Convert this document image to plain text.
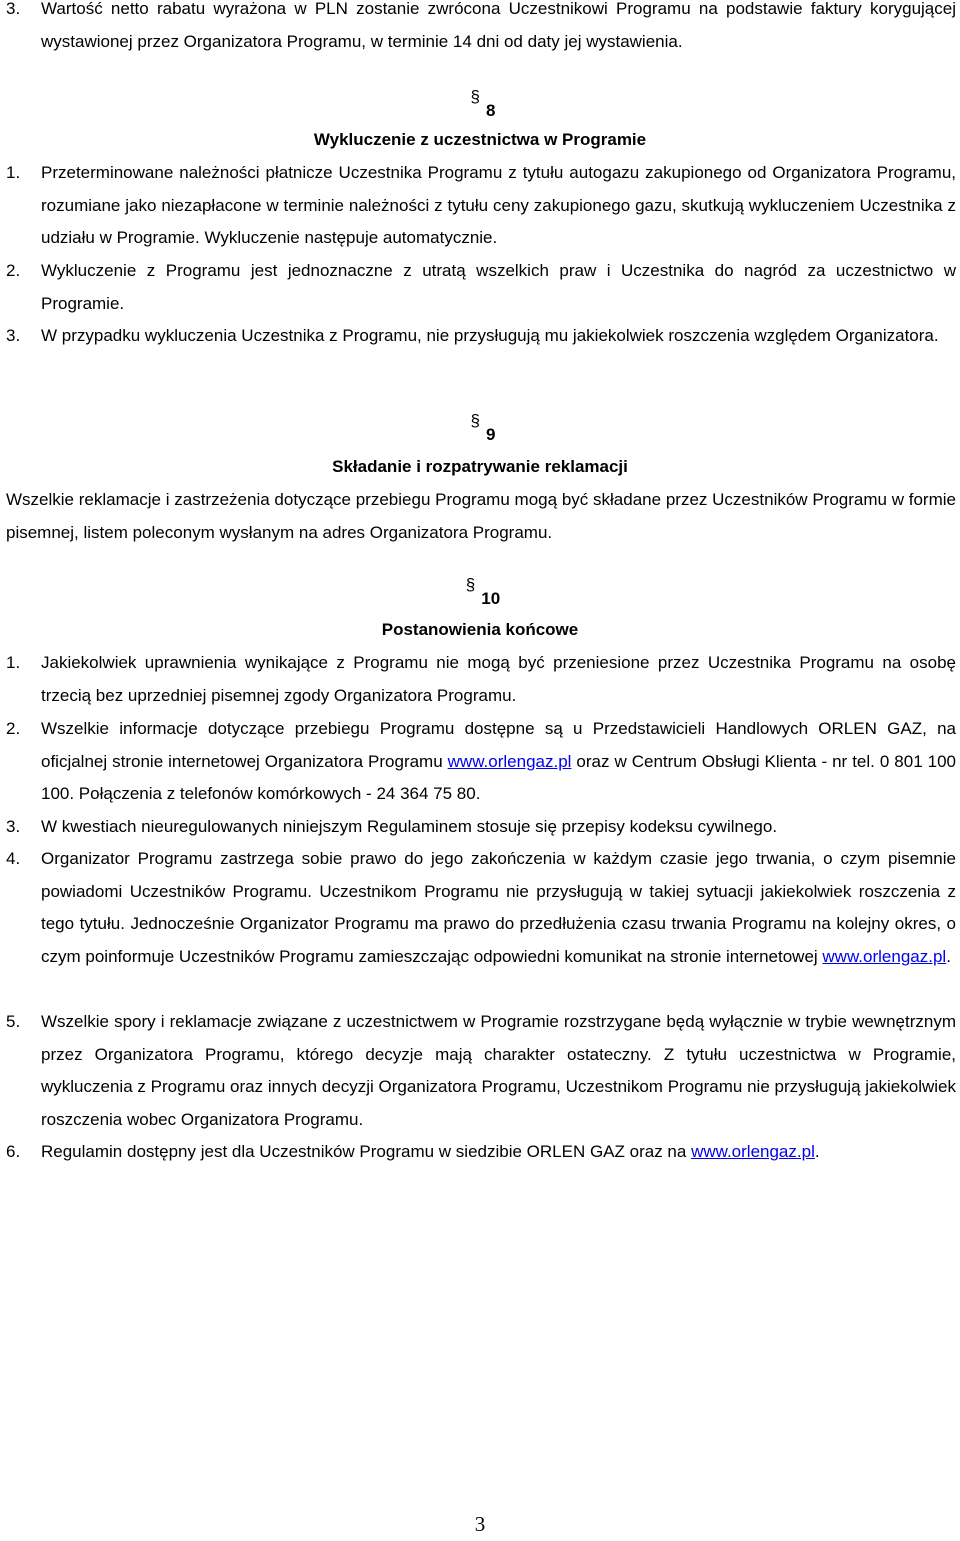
3. Wartość netto rabatu wyrażona w PLN zostanie zwrócona Uczestnikowi Programu na podstawie faktury korygującej wystawionej przez Organizatora Programu, w terminie 14 dni od daty jej wystawienia.
§8
Wykluczenie z uczestnictwa w Programie
1. Przeterminowane należności płatnicze Uczestnika Programu z tytułu autogazu zakupionego od Organizatora Programu, rozumiane jako niezapłacone w terminie należności z tytułu ceny zakupionego gazu, skutkują wykluczeniem Uczestnika z udziału w Programie. Wykluczenie następuje automatycznie.
2. Wykluczenie z Programu jest jednoznaczne z utratą wszelkich praw i Uczestnika do nagród za uczestnictwo w Programie.
3. W przypadku wykluczenia Uczestnika z Programu, nie przysługują mu jakiekolwiek roszczenia względem Organizatora.
§9
Składanie i rozpatrywanie reklamacji
Wszelkie reklamacje i zastrzeżenia dotyczące przebiegu Programu mogą być składane przez Uczestników Programu w formie pisemnej, listem poleconym wysłanym na adres Organizatora Programu.
§10
Postanowienia końcowe
1. Jakiekolwiek uprawnienia wynikające z Programu nie mogą być przeniesione przez Uczestnika Programu na osobę trzecią bez uprzedniej pisemnej zgody Organizatora Programu.
2. Wszelkie informacje dotyczące przebiegu Programu dostępne są u Przedstawicieli Handlowych ORLEN GAZ, na oficjalnej stronie internetowej Organizatora Programu www.orlengaz.pl oraz w Centrum Obsługi Klienta - nr tel. 0 801 100 100. Połączenia z telefonów komórkowych - 24 364 75 80.
3. W kwestiach nieuregulowanych niniejszym Regulaminem stosuje się przepisy kodeksu cywilnego.
4. Organizator Programu zastrzega sobie prawo do jego zakończenia w każdym czasie jego trwania, o czym pisemnie powiadomi Uczestników Programu. Uczestnikom Programu nie przysługują w takiej sytuacji jakiekolwiek roszczenia z tego tytułu. Jednocześnie Organizator Programu ma prawo do przedłużenia czasu trwania Programu na kolejny okres, o czym poinformuje Uczestników Programu zamieszczając odpowiedni komunikat na stronie internetowej www.orlengaz.pl.
5. Wszelkie spory i reklamacje związane z uczestnictwem w Programie rozstrzygane będą wyłącznie w trybie wewnętrznym przez Organizatora Programu, którego decyzje mają charakter ostateczny. Z tytułu uczestnictwa w Programie, wykluczenia z Programu oraz innych decyzji Organizatora Programu, Uczestnikom Programu nie przysługują jakiekolwiek roszczenia wobec Organizatora Programu.
6. Regulamin dostępny jest dla Uczestników Programu w siedzibie ORLEN GAZ oraz na www.orlengaz.pl.
3
